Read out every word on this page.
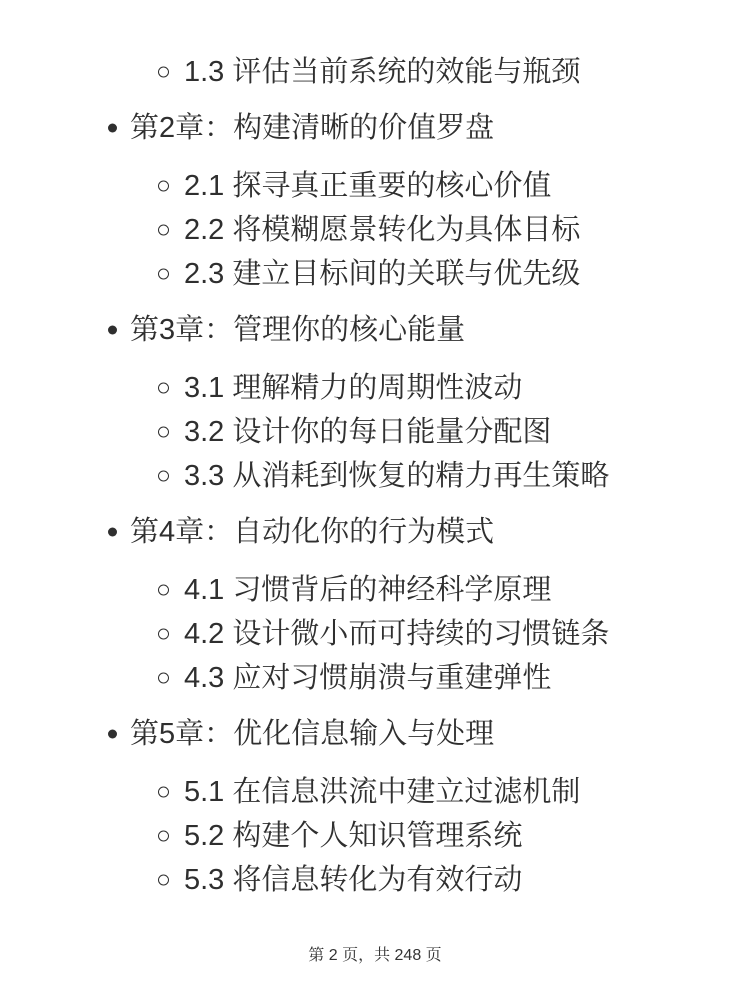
1.3 评估当前系统的效能与瓶颈
第2章：构建清晰的价值罗盘
2.1 探寻真正重要的核心价值
2.2 将模糊愿景转化为具体目标
2.3 建立目标间的关联与优先级
第3章：管理你的核心能量
3.1 理解精力的周期性波动
3.2 设计你的每日能量分配图
3.3 从消耗到恢复的精力再生策略
第4章：自动化你的行为模式
4.1 习惯背后的神经科学原理
4.2 设计微小而可持续的习惯链条
4.3 应对习惯崩溃与重建弹性
第5章：优化信息输入与处理
5.1 在信息洪流中建立过滤机制
5.2 构建个人知识管理系统
5.3 将信息转化为有效行动
第 2 页，共 248 页
